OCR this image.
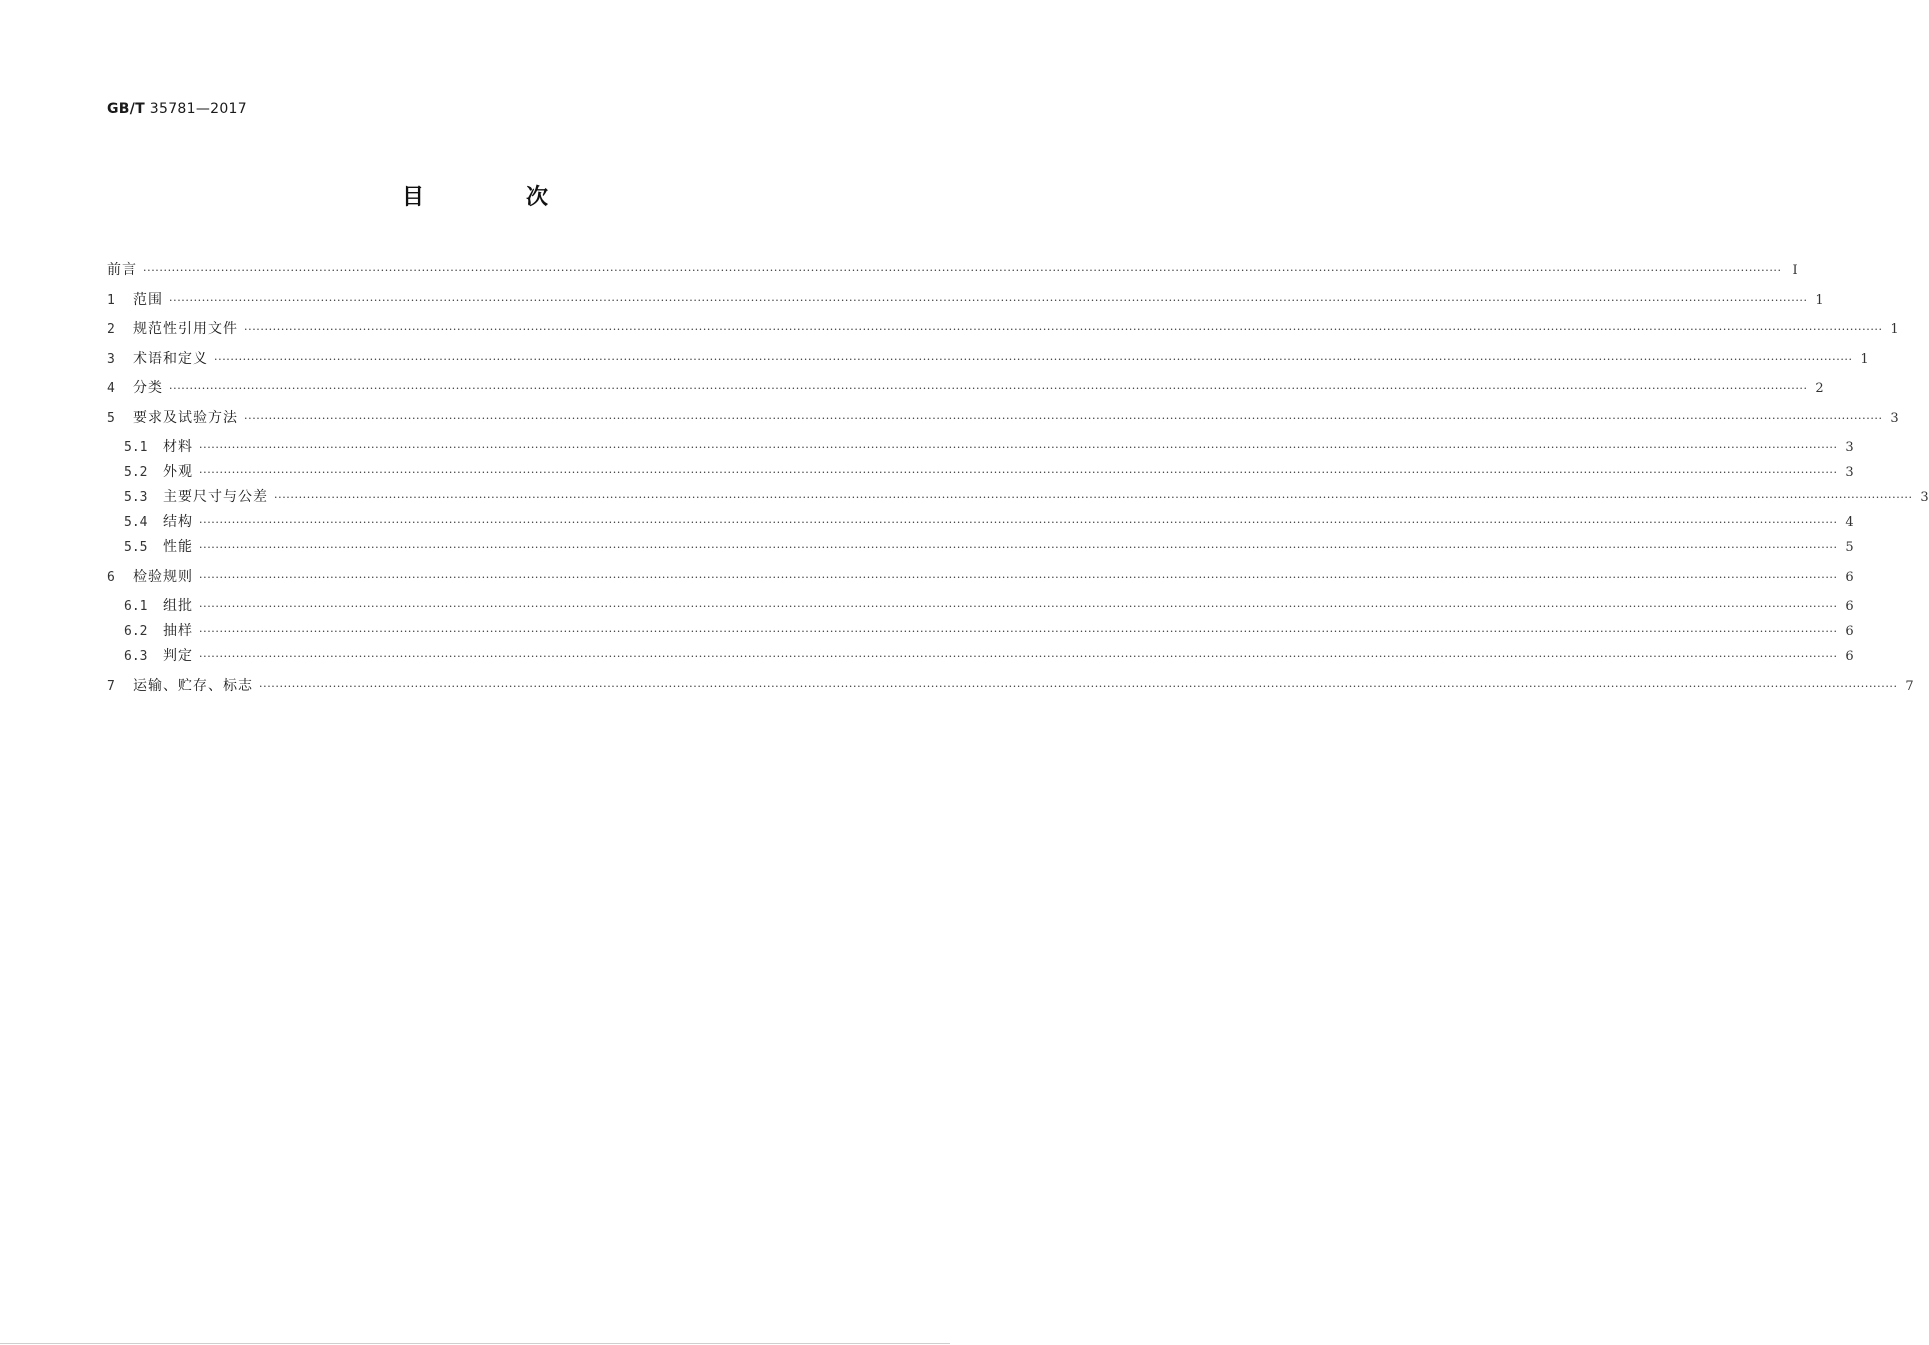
GB/T 35781—2017
目　次
前言 ················································································································································································································································································································································································································ Ⅰ
1	范围 ················································································································································································································································································································································································································ 1
2	规范性引用文件 ················································································································································································································································································································································································································ 1
3	术语和定义 ················································································································································································································································································································································································································ 1
4	分类 ················································································································································································································································································································································································································ 2
5	要求及试验方法 ················································································································································································································································································································································································································ 3
5.1	材料 ················································································································································································································································································································································································································ 3
5.2	外观 ················································································································································································································································································································································································································ 3
5.3	主要尺寸与公差 ················································································································································································································································································································································································································ 3
5.4	结构 ················································································································································································································································································································································································································ 4
5.5	性能 ················································································································································································································································································································································································································ 5
6	检验规则 ················································································································································································································································································································································································································ 6
6.1	组批 ················································································································································································································································································································································································································ 6
6.2	抽样 ················································································································································································································································································································································································································ 6
6.3	判定 ················································································································································································································································································································································································································ 6
7	运输、贮存、标志 ················································································································································································································································································································································································································ 7
